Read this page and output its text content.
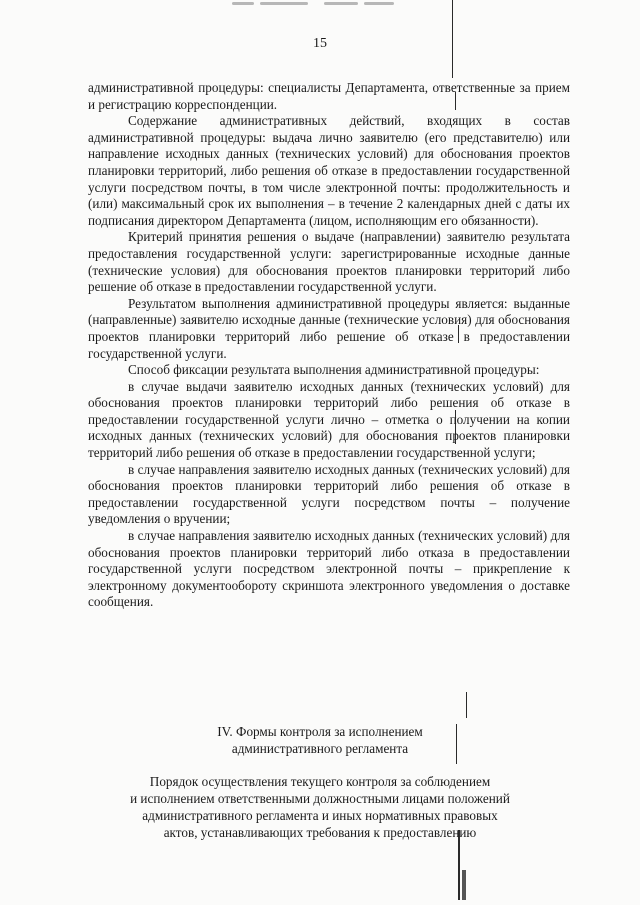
15

административной процедуры: специалисты Департамента, ответственные за прием и регистрацию корреспонденции.

Содержание административных действий, входящих в состав административной процедуры: выдача лично заявителю (его представителю) или направление исходных данных (технических условий) для обоснования проектов планировки территорий, либо решения об отказе в предоставлении государственной услуги посредством почты, в том числе электронной почты: продолжительность и (или) максимальный срок их выполнения – в течение 2 календарных дней с даты их подписания директором Департамента (лицом, исполняющим его обязанности).

Критерий принятия решения о выдаче (направлении) заявителю результата предоставления государственной услуги: зарегистрированные исходные данные (технические условия) для обоснования проектов планировки территорий либо решение об отказе в предоставлении государственной услуги.

Результатом выполнения административной процедуры является: выданные (направленные) заявителю исходные данные (технические условия) для обоснования проектов планировки территорий либо решение об отказе в предоставлении государственной услуги.

Способ фиксации результата выполнения административной процедуры:

в случае выдачи заявителю исходных данных (технических условий) для обоснования проектов планировки территорий либо решения об отказе в предоставлении государственной услуги лично – отметка о получении на копии исходных данных (технических условий) для обоснования проектов планировки территорий либо решения об отказе в предоставлении государственной услуги;

в случае направления заявителю исходных данных (технических условий) для обоснования проектов планировки территорий либо решения об отказе в предоставлении государственной услуги посредством почты – получение уведомления о вручении;

в случае направления заявителю исходных данных (технических условий) для обоснования проектов планировки территорий либо отказа в предоставлении государственной услуги посредством электронной почты – прикрепление к электронному документообороту скриншота электронного уведомления о доставке сообщения.

IV. Формы контроля за исполнением
административного регламента
Порядок осуществления текущего контроля за соблюдением
и исполнением ответственными должностными лицами положений
административного регламента и иных нормативных правовых
актов, устанавливающих требования к предоставлению
